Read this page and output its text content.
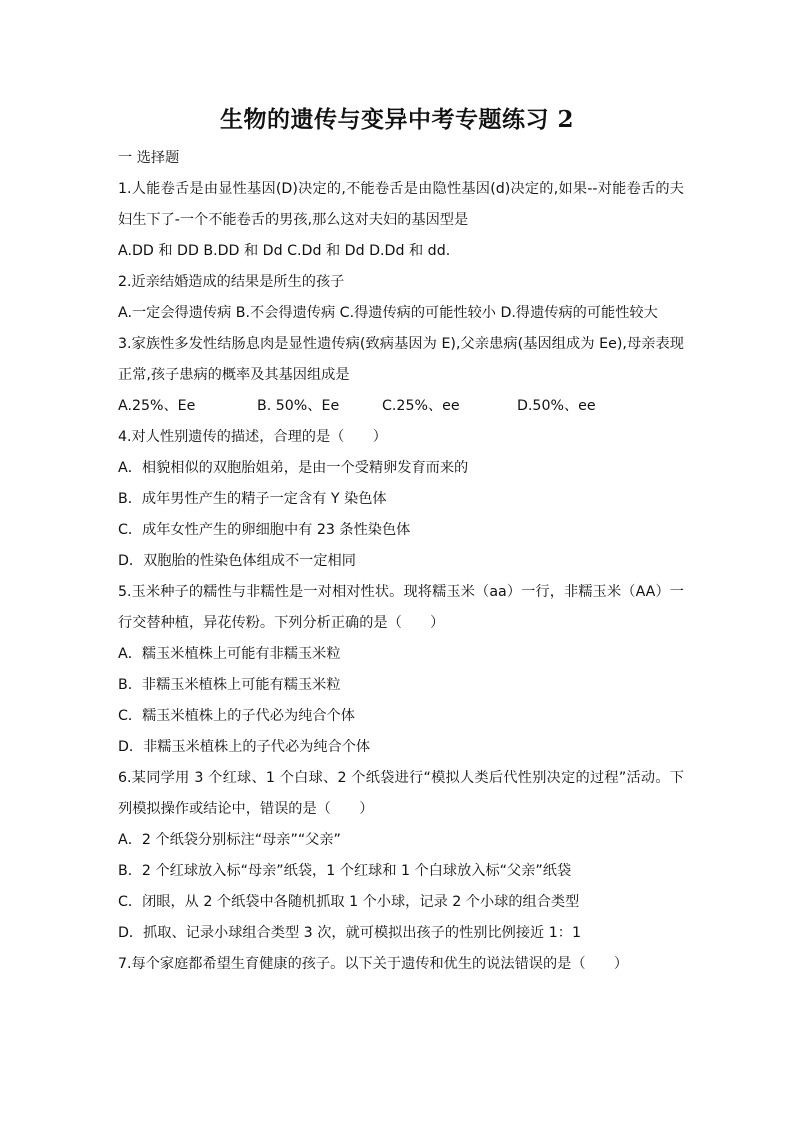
生物的遗传与变异中考专题练习 2
一 选择题
1.人能卷舌是由显性基因(D)决定的,不能卷舌是由隐性基因(d)决定的,如果--对能卷舌的夫妇生下了-一个不能卷舌的男孩,那么这对夫妇的基因型是
A.DD 和 DD B.DD 和 Dd C.Dd 和 Dd D.Dd 和 dd.
2.近亲结婚造成的结果是所生的孩子
A.一定会得遗传病 B.不会得遗传病 C.得遗传病的可能性较小 D.得遗传病的可能性较大
3.家族性多发性结肠息肉是显性遗传病(致病基因为 E),父亲患病(基因组成为 Ee),母亲表现正常,孩子患病的概率及其基因组成是
A.25%、Ee	B. 50%、Ee	C.25%、ee	D.50%、ee
4.对人性别遗传的描述，合理的是（　　）
A．相貌相似的双胞胎姐弟，是由一个受精卵发育而来的
B．成年男性产生的精子一定含有 Y 染色体
C．成年女性产生的卵细胞中有 23 条性染色体
D．双胞胎的性染色体组成不一定相同
5.玉米种子的糯性与非糯性是一对相对性状。现将糯玉米（aa）一行，非糯玉米（AA）一行交替种植，异花传粉。下列分析正确的是（　　）
A．糯玉米植株上可能有非糯玉米粒
B．非糯玉米植株上可能有糯玉米粒
C．糯玉米植株上的子代必为纯合个体
D．非糯玉米植株上的子代必为纯合个体
6.某同学用 3 个红球、1 个白球、2 个纸袋进行“模拟人类后代性别决定的过程”活动。下列模拟操作或结论中，错误的是（　　）
A．2 个纸袋分别标注“母亲”“父亲”
B．2 个红球放入标“母亲”纸袋，1 个红球和 1 个白球放入标“父亲”纸袋
C．闭眼，从 2 个纸袋中各随机抓取 1 个小球，记录 2 个小球的组合类型
D．抓取、记录小球组合类型 3 次，就可模拟出孩子的性别比例接近 1：1
7.每个家庭都希望生育健康的孩子。以下关于遗传和优生的说法错误的是（　　）
